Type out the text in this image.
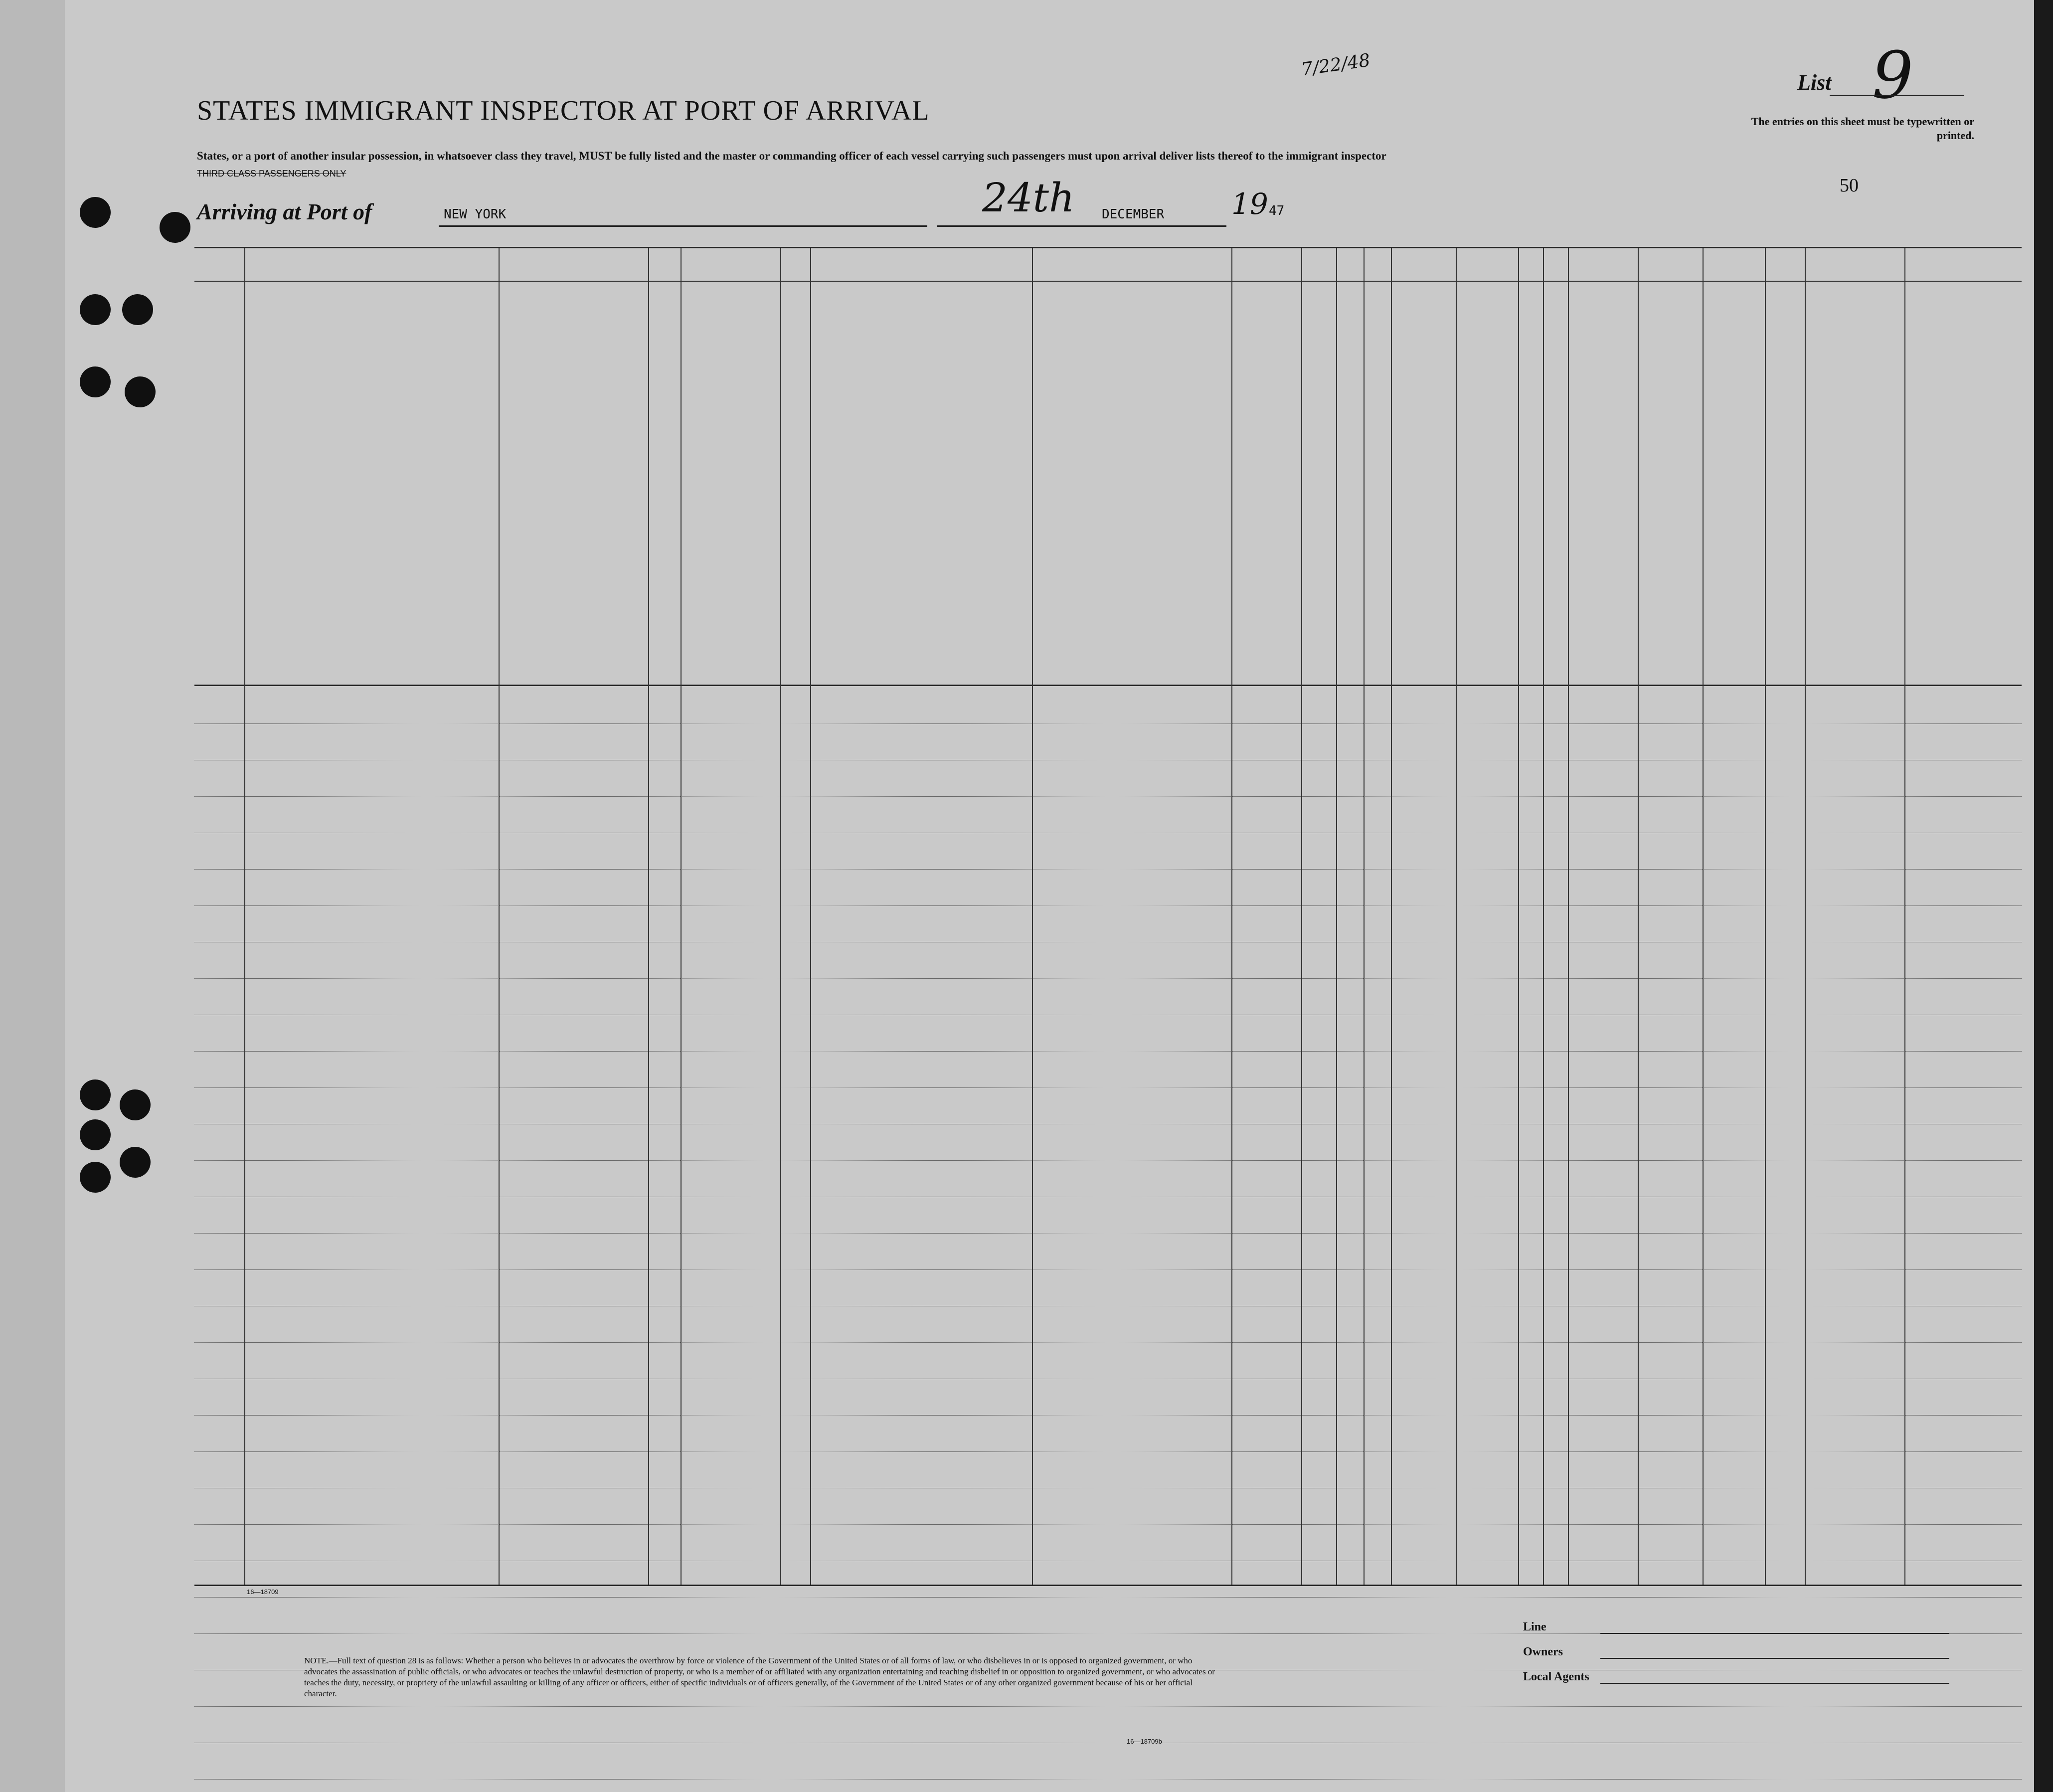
STATES IMMIGRANT INSPECTOR AT PORT OF ARRIVAL
States, or a port of another insular possession, in whatsoever class they travel, MUST be fully listed and the master or commanding officer of each vessel carrying such passengers must upon arrival deliver lists thereof to the immigrant inspector
THIRD CLASS PASSENGERS ONLY
Arriving at Port of	NEW YORK	24th DECEMBER 19 47
7/22/48
List 9
The entries on this sheet must be typewritten or printed.
50
NOTE.—Full text of question 28 is as follows: Whether a person who believes in or advocates the overthrow by force or violence of the Government of the United States or of all forms of law, or who disbelieves in or is opposed to organized government, or who advocates the assassination of public officials, or who advocates or teaches the unlawful destruction of property, or who is a member of or affiliated with any organization entertaining and teaching disbelief in or opposition to organized government, or who advocates or teaches the duty, necessity, or propriety of the unlawful assaulting or killing of any officer or officers, either of specific individuals or of officers generally, of the Government of the United States or of any other organized government because of his or her official character.
16—18709
16—18709b
Line
Owners
Local Agents
